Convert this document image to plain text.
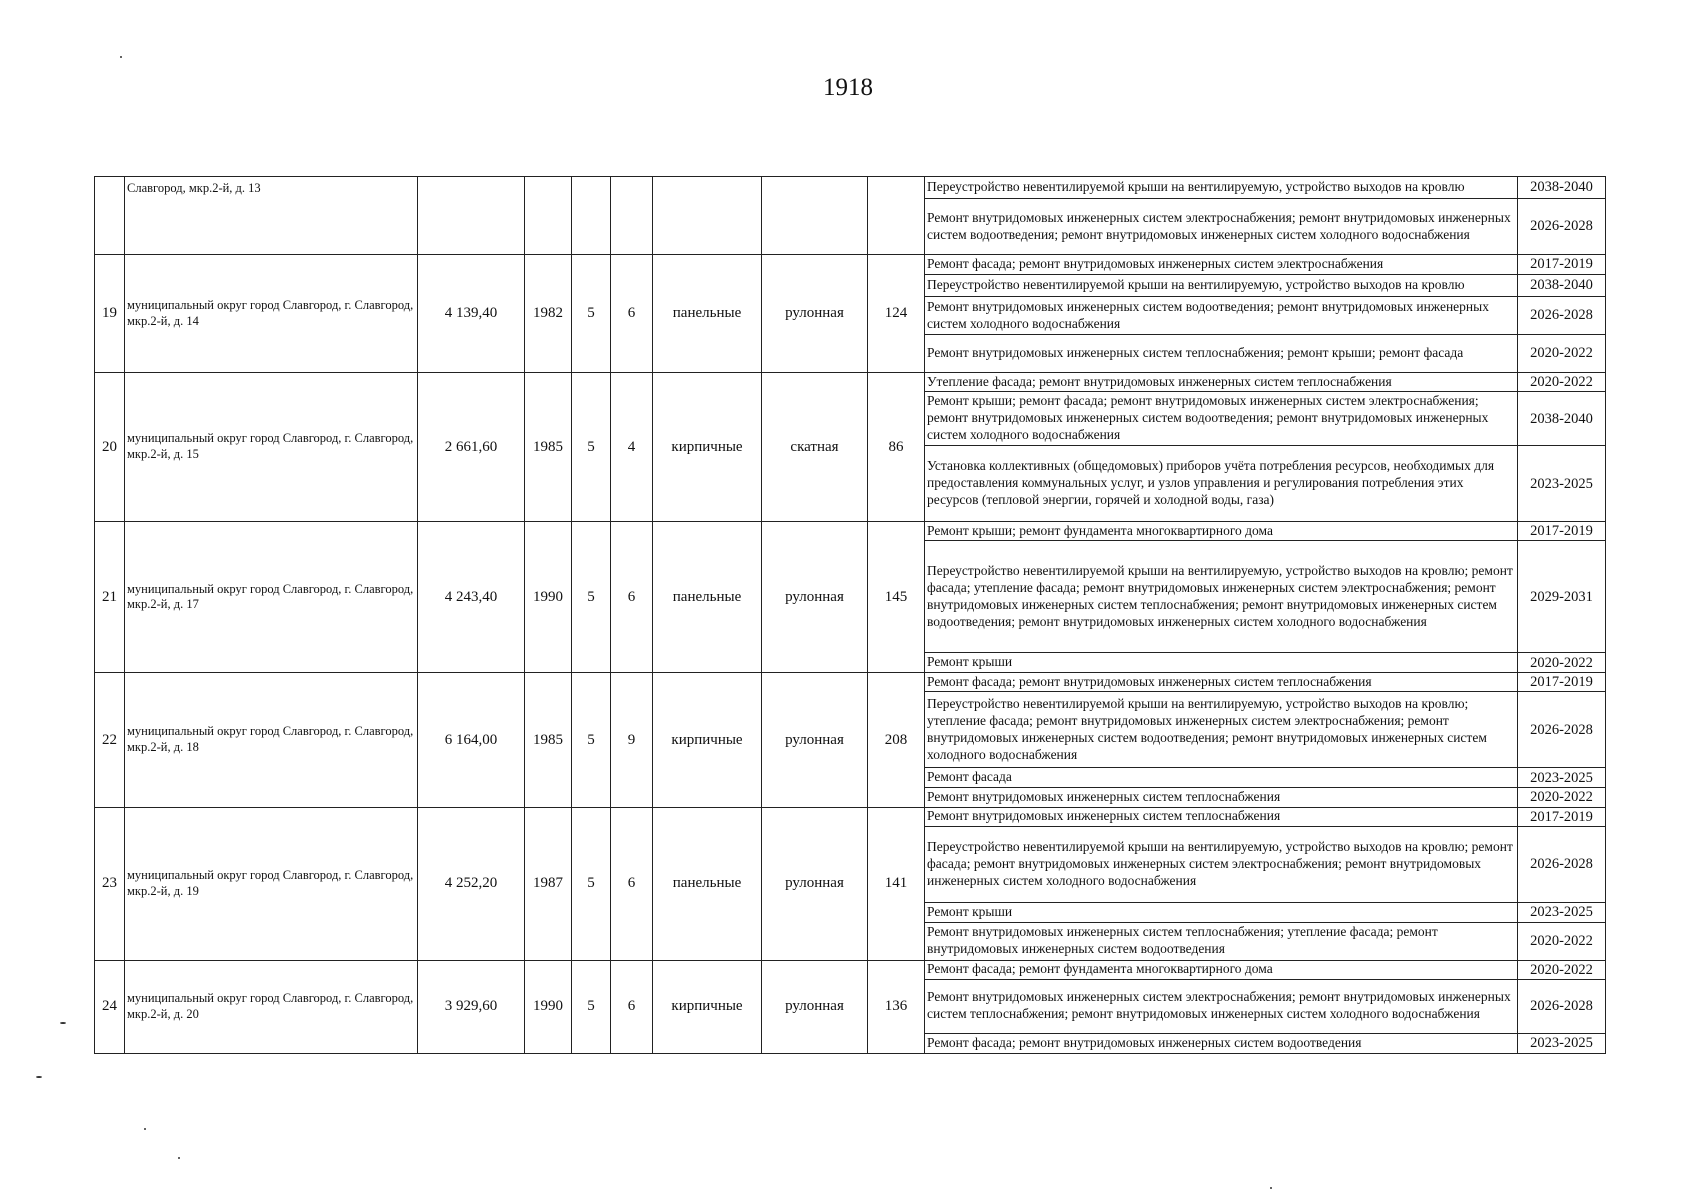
1918
	Славгород, мкр.2-й, д. 13								Переустройство невентилируемой крыши на вентилируемую, устройство выходов на кровлю	2038-2040
									Ремонт внутридомовых инженерных систем электроснабжения; ремонт внутридомовых инженерных систем водоотведения; ремонт внутридомовых инженерных систем холодного водоснабжения	2026-2028
19	муниципальный округ город Славгород, г. Славгород, мкр.2-й, д. 14	4 139,40	1982	5	6	панельные	рулонная	124	Ремонт фасада; ремонт внутридомовых инженерных систем электроснабжения	2017-2019
									Переустройство невентилируемой крыши на вентилируемую, устройство выходов на кровлю	2038-2040
									Ремонт внутридомовых инженерных систем водоотведения; ремонт внутридомовых инженерных систем холодного водоснабжения	2026-2028
									Ремонт внутридомовых инженерных систем теплоснабжения; ремонт крыши; ремонт фасада	2020-2022
20	муниципальный округ город Славгород, г. Славгород, мкр.2-й, д. 15	2 661,60	1985	5	4	кирпичные	скатная	86	Утепление фасада; ремонт внутридомовых инженерных систем теплоснабжения	2020-2022
									Ремонт крыши; ремонт фасада; ремонт внутридомовых инженерных систем электроснабжения; ремонт внутридомовых инженерных систем водоотведения; ремонт внутридомовых инженерных систем холодного водоснабжения	2038-2040
									Установка коллективных (общедомовых) приборов учёта потребления ресурсов, необходимых для предоставления коммунальных услуг, и узлов управления и регулирования потребления этих ресурсов (тепловой энергии, горячей и холодной воды, газа)	2023-2025
21	муниципальный округ город Славгород, г. Славгород, мкр.2-й, д. 17	4 243,40	1990	5	6	панельные	рулонная	145	Ремонт крыши; ремонт фундамента многоквартирного дома	2017-2019
									Переустройство невентилируемой крыши на вентилируемую, устройство выходов на кровлю; ремонт фасада; утепление фасада; ремонт внутридомовых инженерных систем электроснабжения; ремонт внутридомовых инженерных систем теплоснабжения; ремонт внутридомовых инженерных систем водоотведения; ремонт внутридомовых инженерных систем холодного водоснабжения	2029-2031
									Ремонт крыши	2020-2022
22	муниципальный округ город Славгород, г. Славгород, мкр.2-й, д. 18	6 164,00	1985	5	9	кирпичные	рулонная	208	Ремонт фасада; ремонт внутридомовых инженерных систем теплоснабжения	2017-2019
									Переустройство невентилируемой крыши на вентилируемую, устройство выходов на кровлю; утепление фасада; ремонт внутридомовых инженерных систем электроснабжения; ремонт внутридомовых инженерных систем водоотведения; ремонт внутридомовых инженерных систем холодного водоснабжения	2026-2028
									Ремонт фасада	2023-2025
									Ремонт внутридомовых инженерных систем теплоснабжения	2020-2022
23	муниципальный округ город Славгород, г. Славгород, мкр.2-й, д. 19	4 252,20	1987	5	6	панельные	рулонная	141	Ремонт внутридомовых инженерных систем теплоснабжения	2017-2019
									Переустройство невентилируемой крыши на вентилируемую, устройство выходов на кровлю; ремонт фасада; ремонт внутридомовых инженерных систем электроснабжения; ремонт внутридомовых инженерных систем холодного водоснабжения	2026-2028
									Ремонт крыши	2023-2025
									Ремонт внутридомовых инженерных систем теплоснабжения; утепление фасада; ремонт внутридомовых инженерных систем водоотведения	2020-2022
24	муниципальный округ город Славгород, г. Славгород, мкр.2-й, д. 20	3 929,60	1990	5	6	кирпичные	рулонная	136	Ремонт фасада; ремонт фундамента многоквартирного дома	2020-2022
									Ремонт внутридомовых инженерных систем электроснабжения; ремонт внутридомовых инженерных систем теплоснабжения; ремонт внутридомовых инженерных систем холодного водоснабжения	2026-2028
									Ремонт фасада; ремонт внутридомовых инженерных систем водоотведения	2023-2025
